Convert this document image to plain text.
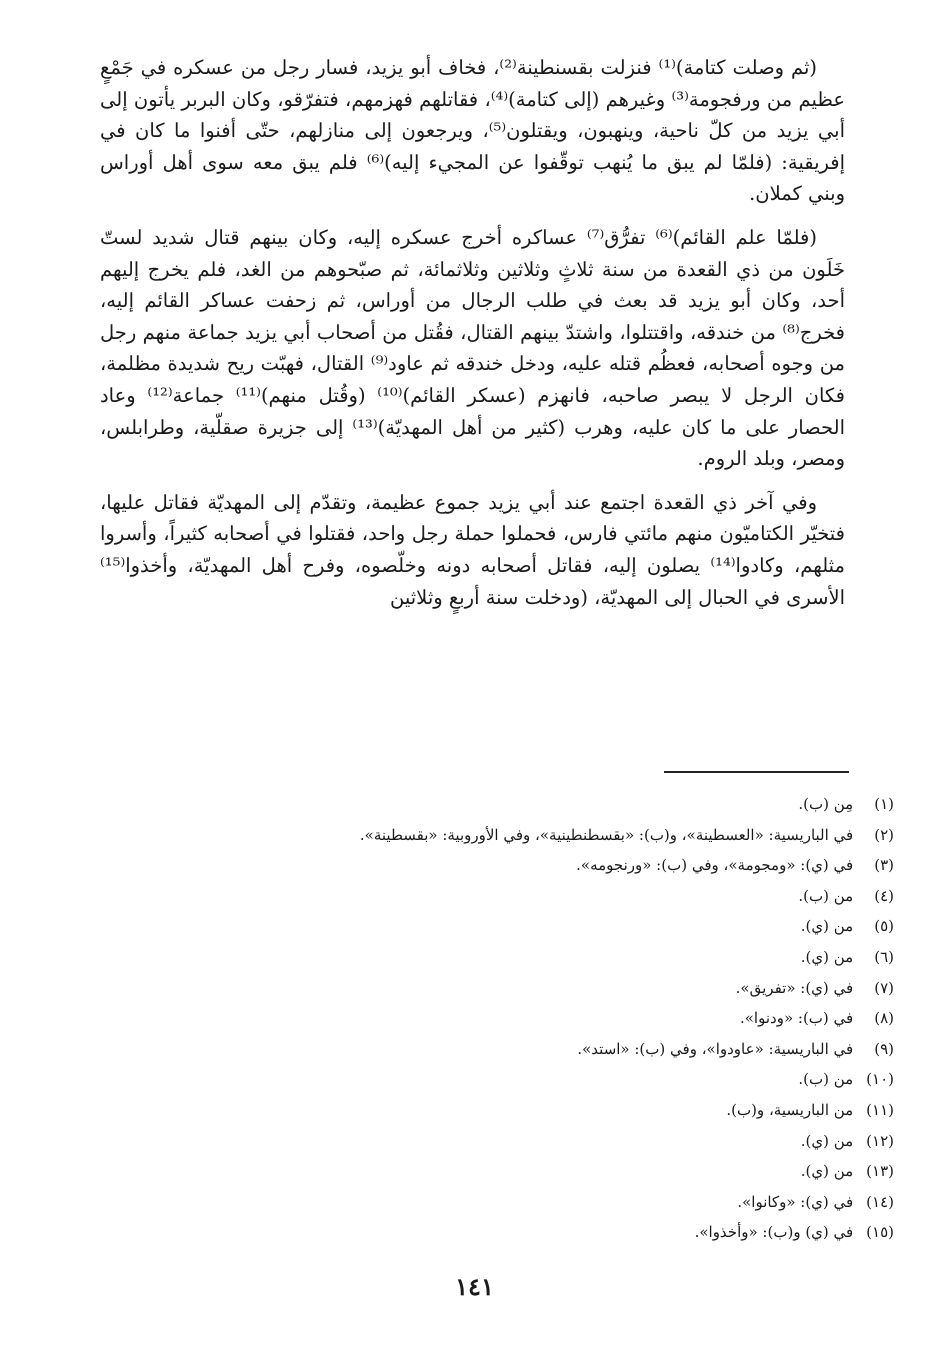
(ثم وصلت كتامة)⁽¹⁾ فنزلت بقسنطينة⁽²⁾، فخاف أبو يزيد، فسار رجل من عسكره في جَمْعٍ عظيم من ورفجومة⁽³⁾ وغيرهم (إلى كتامة)⁽⁴⁾، فقاتلهم فهزمهم، فتفرّقو، وكان البربر يأتون إلى أبي يزيد من كلّ ناحية، وينهبون، ويقتلون⁽⁵⁾، ويرجعون إلى منازلهم، حتّى أفنوا ما كان في إفريقية: (فلمّا لم يبق ما يُنهب توقّفوا عن المجيء إليه)⁽⁶⁾ فلم يبق معه سوى أهل أوراس وبني كملان.

(فلمّا علم القائم)⁽⁶⁾ تفرُّق⁽⁷⁾ عساكره أخرج عسكره إليه، وكان بينهم قتال شديد لستّ خَلَون من ذي القعدة من سنة ثلاثٍ وثلاثين وثلاثمائة، ثم صبّحوهم من الغد، فلم يخرج إليهم أحد، وكان أبو يزيد قد بعث في طلب الرجال من أوراس، ثم زحفت عساكر القائم إليه، فخرج⁽⁸⁾ من خندقه، واقتتلوا، واشتدّ بينهم القتال، فقُتل من أصحاب أبي يزيد جماعة منهم رجل من وجوه أصحابه، فعظُم قتله عليه، ودخل خندقه ثم عاود⁽⁹⁾ القتال، فهبّت ريح شديدة مظلمة، فكان الرجل لا يبصر صاحبه، فانهزم (عسكر القائم)⁽¹⁰⁾ (وقُتل منهم)⁽¹¹⁾ جماعة⁽¹²⁾ وعاد الحصار على ما كان عليه، وهرب (كثير من أهل المهديّة)⁽¹³⁾ إلى جزيرة صقلّية، وطرابلس، ومصر، وبلد الروم.

وفي آخر ذي القعدة اجتمع عند أبي يزيد جموع عظيمة، وتقدّم إلى المهديّة فقاتل عليها، فتخيّر الكتاميّون منهم مائتي فارس، فحملوا حملة رجل واحد، فقتلوا في أصحابه كثيراً، وأسروا مثلهم، وكادوا⁽¹⁴⁾ يصلون إليه، فقاتل أصحابه دونه وخلّصوه، وفرح أهل المهديّة، وأخذوا⁽¹⁵⁾ الأسرى في الحبال إلى المهديّة، (ودخلت سنة أربعٍ وثلاثين

(١) مِن (ب).
(٢) في الباريسية: «العسطينة»، و(ب): «بقسطنطينية»، وفي الأوروبية: «بقسطينة».
(٣) في (ي): «ومجومة»، وفي (ب): «ورنجومه».
(٤) من (ب).
(٥) من (ي).
(٦) من (ي).
(٧) في (ي): «تفريق».
(٨) في (ب): «ودنوا».
(٩) في الباريسية: «عاودوا»، وفي (ب): «استد».
(١٠) من (ب).
(١١) من الباريسية، و(ب).
(١٢) من (ي).
(١٣) من (ي).
(١٤) في (ي): «وكانوا».
(١٥) في (ي) و(ب): «وأخذوا».
١٤١
